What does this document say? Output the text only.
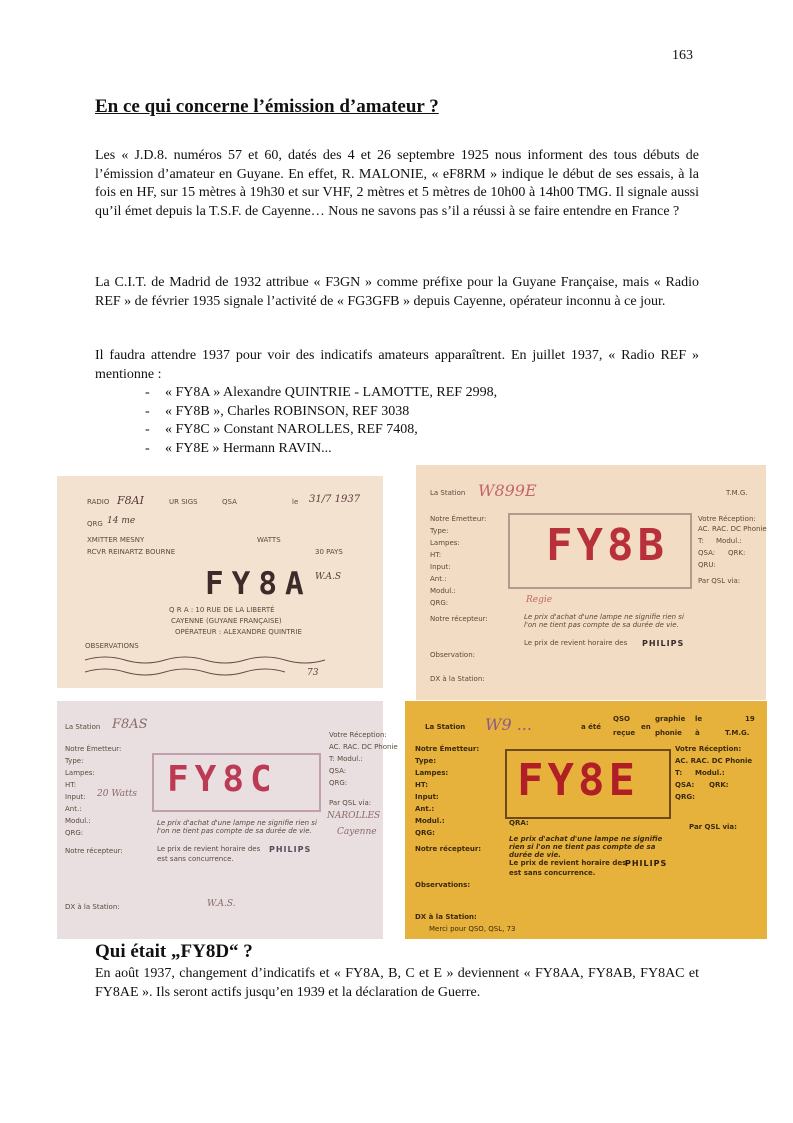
163
En ce qui concerne l’émission d’amateur ?

Les « J.D.8. numéros 57 et 60, datés des 4 et 26 septembre 1925 nous informent des tous débuts de l’émission d’amateur en Guyane. En effet, R. MALONIE, « eF8RM » indique le début de ses essais, à la fois en HF, sur 15 mètres à 19h30 et sur VHF, 2 mètres et 5 mètres de 10h00 à 14h00 TMG. Il signale aussi qu’il émet depuis la T.S.F. de Cayenne… Nous ne savons pas s’il a réussi à se faire entendre en France ?

La C.I.T. de Madrid de 1932 attribue « F3GN » comme préfixe pour la Guyane Française, mais « Radio REF » de février 1935 signale l’activité de « FG3GFB » depuis Cayenne, opérateur inconnu à ce jour.

Il faudra attendre 1937 pour voir des indicatifs amateurs apparaîtrent. En juillet 1937, « Radio REF » mentionne :

- « FY8A » Alexandre QUINTRIE - LAMOTTE, REF 2998,
- « FY8B », Charles ROBINSON, REF 3038
- « FY8C » Constant NAROLLES, REF 7408,
- « FY8E » Hermann RAVIN...
RADIO F8AI	UR SIGS	QSA	le 31/7 1937
QRG 14 me
XMITTER MESNY	WATTS
RCVR REINARTZ BOURNE	30 PAYS
FY8A W.A.S
Q R A : 10 RUE DE LA LIBERTÉ
CAYENNE (GUYANE FRANÇAISE)
OPÉRATEUR : ALEXANDRE QUINTRIE
OBSERVATIONS
73
La Station W899E	T.M.G.
Notre Émetteur:
Type:
Lampes:
HT:
Input:
Ant.:
Modul.:
QRG:
Notre récepteur:
FY8B
Votre Réception:
AC. RAC. DC Phonie
T: Modul.:
QSA: QRK:
QRU:
Par QSL via:
Regie
Le prix d'achat d'une lampe ne signifie rien si l'on ne tient pas compte de sa durée de vie.
Le prix de revient horaire des PHILIPS
Observation:
DX à la Station:
La Station F8AS
Notre Émetteur:
Type:
Lampes:
HT:
Input: 20 Watts
Ant.:
Modul.:
QRG:
Notre récepteur:
FY8C
Votre Réception:
AC. RAC. DC Phonie
T: Modul.:
QSA:
QRG:
Par QSL via:
NAROLLES
Cayenne
Le prix d'achat d'une lampe ne signifie rien si l'on ne tient pas compte de sa durée de vie.
Le prix de revient horaire des PHILIPS
est sans concurrence.
DX à la Station:	W.A.S.
La Station W9 ...	a été
QSO
reçue
en
graphie
phonie
le	19
à	T.M.G.
Notre Émetteur:
Type:
Lampes:
HT:
Input:
Ant.:
Modul.:
QRG:
Notre récepteur:
Observations:
DX à la Station:
Merci pour QSO, QSL, 73
FY8E
Votre Réception:
AC. RAC. DC Phonie
T: Modul.:
QSA: QRK:
QRG:
QRA:	Par QSL via:
Le prix d'achat d'une lampe ne signifie rien si l'on ne tient pas compte de sa durée de vie.
Le prix de revient horaire des
PHILIPS
est sans concurrence.
Qui était „FY8D“ ?

En août 1937, changement d’indicatifs et « FY8A, B, C et E » deviennent « FY8AA, FY8AB, FY8AC et FY8AE ». Ils seront actifs jusqu’en 1939 et la déclaration de Guerre.
